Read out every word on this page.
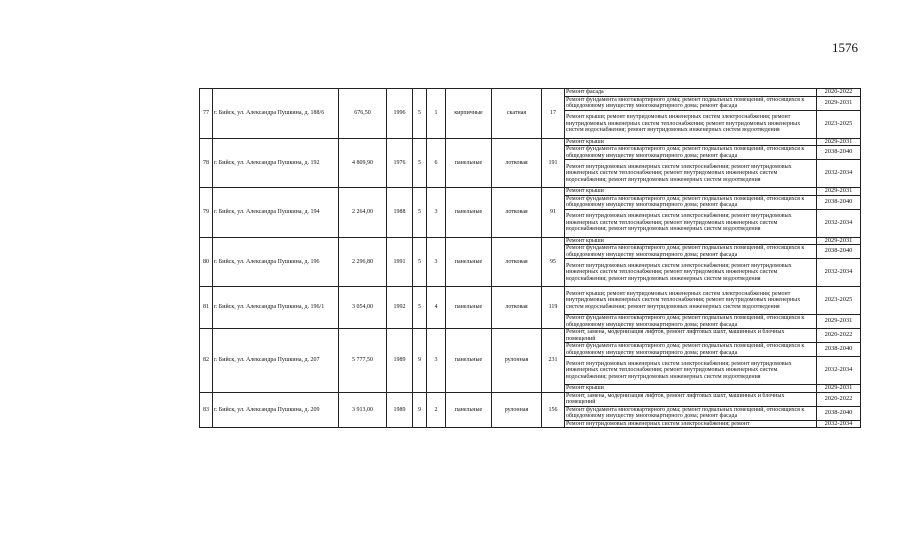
1576
77	г. Бийск, ул. Александра Пушкина, д. 188/6	676,50	1996	5	1	кирпичные	скатная	17	Ремонт фасада	2020-2022
									Ремонт фундамента многоквартирного дома; ремонт подвальных помещений, относящихся к общедомовому имуществу многоквартирного дома; ремонт фасада	2029-2031
									Ремонт крыши; ремонт внутридомовых инженерных систем электроснабжения; ремонт внутридомовых инженерных систем теплоснабжения; ремонт внутридомовых инженерных систем водоснабжения; ремонт внутридомовых инженерных систем водоотведения	2023-2025
78	г. Бийск, ул. Александра Пушкина, д. 192	4 809,90	1976	5	6	панельные	лотковая	191	Ремонт крыши	2029-2031
									Ремонт фундамента многоквартирного дома; ремонт подвальных помещений, относящихся к общедомовому имуществу многоквартирного дома; ремонт фасада	2038-2040
									Ремонт внутридомовых инженерных систем электроснабжения; ремонт внутридомовых инженерных систем теплоснабжения; ремонт внутридомовых инженерных систем водоснабжения; ремонт внутридомовых инженерных систем водоотведения	2032-2034
79	г. Бийск, ул. Александра Пушкина, д. 194	2 264,00	1988	5	3	панельные	лотковая	91	Ремонт крыши	2029-2031
									Ремонт фундамента многоквартирного дома; ремонт подвальных помещений, относящихся к общедомовому имуществу многоквартирного дома; ремонт фасада	2038-2040
									Ремонт внутридомовых инженерных систем электроснабжения; ремонт внутридомовых инженерных систем теплоснабжения; ремонт внутридомовых инженерных систем водоснабжения; ремонт внутридомовых инженерных систем водоотведения	2032-2034
80	г. Бийск, ул. Александра Пушкина, д. 196	2 296,80	1991	5	3	панельные	лотковая	95	Ремонт крыши	2029-2031
									Ремонт фундамента многоквартирного дома; ремонт подвальных помещений, относящихся к общедомовому имуществу многоквартирного дома; ремонт фасада	2038-2040
									Ремонт внутридомовых инженерных систем электроснабжения; ремонт внутридомовых инженерных систем теплоснабжения; ремонт внутридомовых инженерных систем водоснабжения; ремонт внутридомовых инженерных систем водоотведения	2032-2034
81	г. Бийск, ул. Александра Пушкина, д. 196/1	3 054,00	1992	5	4	панельные	лотковая	119	Ремонт крыши; ремонт внутридомовых инженерных систем электроснабжения; ремонт внутридомовых инженерных систем теплоснабжения; ремонт внутридомовых инженерных систем водоснабжения; ремонт внутридомовых инженерных систем водоотведения	2023-2025
									Ремонт фундамента многоквартирного дома; ремонт подвальных помещений, относящихся к общедомовому имуществу многоквартирного дома; ремонт фасада	2029-2031
82	г. Бийск, ул. Александра Пушкина, д. 207	5 777,50	1989	9	3	панельные	рулонная	231	Ремонт, замена, модернизация лифтов, ремонт лифтовых шахт, машинных и блочных помещений	2020-2022
									Ремонт фундамента многоквартирного дома; ремонт подвальных помещений, относящихся к общедомовому имуществу многоквартирного дома; ремонт фасада	2038-2040
									Ремонт внутридомовых инженерных систем электроснабжения; ремонт внутридомовых инженерных систем теплоснабжения; ремонт внутридомовых инженерных систем водоснабжения; ремонт внутридомовых инженерных систем водоотведения	2032-2034
									Ремонт крыши	2029-2031
83	г. Бийск, ул. Александра Пушкина, д. 209	3 913,00	1989	9	2	панельные	рулонная	156	Ремонт, замена, модернизация лифтов, ремонт лифтовых шахт, машинных и блочных помещений	2020-2022
									Ремонт фундамента многоквартирного дома; ремонт подвальных помещений, относящихся к общедомовому имуществу многоквартирного дома; ремонт фасада	2038-2040
									Ремонт внутридомовых инженерных систем электроснабжения; ремонт	2032-2034
